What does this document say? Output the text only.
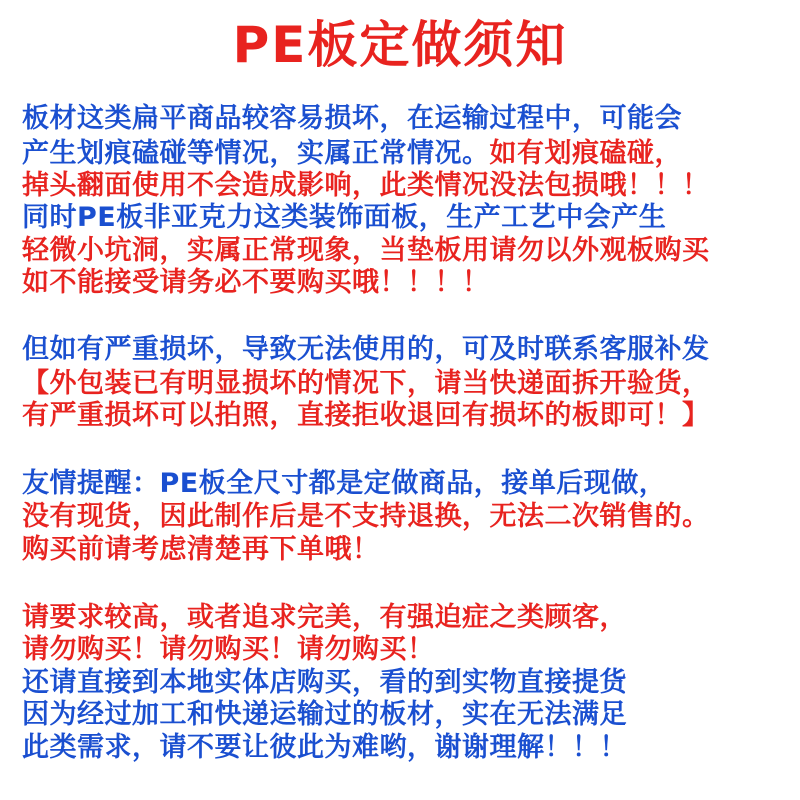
PE板定做须知
板材这类扁平商品较容易损坏，在运输过程中，可能会
产生划痕磕碰等情况，实属正常情况。如有划痕磕碰，
掉头翻面使用不会造成影响，此类情况没法包损哦！！！
同时PE板非亚克力这类装饰面板，生产工艺中会产生
轻微小坑洞，实属正常现象，当垫板用请勿以外观板购买
如不能接受请务必不要购买哦！！！！
但如有严重损坏，导致无法使用的，可及时联系客服补发
【外包装已有明显损坏的情况下，请当快递面拆开验货，
有严重损坏可以拍照，直接拒收退回有损坏的板即可！】
友情提醒：PE板全尺寸都是定做商品，接单后现做，
没有现货，因此制作后是不支持退换，无法二次销售的。
购买前请考虑清楚再下单哦！
请要求较高，或者追求完美，有强迫症之类顾客，
请勿购买！请勿购买！请勿购买！
还请直接到本地实体店购买，看的到实物直接提货
因为经过加工和快递运输过的板材，实在无法满足
此类需求，请不要让彼此为难哟，谢谢理解！！！
